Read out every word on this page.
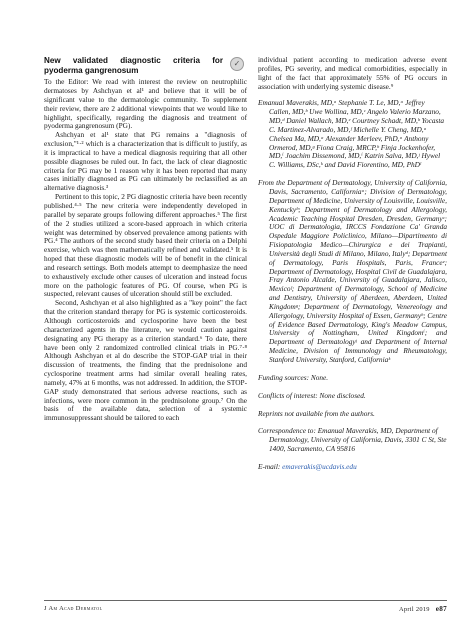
New validated diagnostic criteria for pyoderma gangrenosum
✓

To the Editor: We read with interest the review on neutrophilic dermatoses by Ashchyan et al¹ and believe that it will be of significant value to the dermatologic community. To supplement their review, there are 2 additional viewpoints that we would like to highlight, specifically, regarding the diagnosis and treatment of pyoderma gangrenosum (PG).

Ashchyan et al¹ state that PG remains a "diagnosis of exclusion,"¹·² which is a characterization that is difficult to justify, as it is impractical to have a medical diagnosis requiring that all other possible diagnoses be ruled out. In fact, the lack of clear diagnostic criteria for PG may be 1 reason why it has been reported that many cases initially diagnosed as PG can ultimately be reclassified as an alternative diagnosis.³

Pertinent to this topic, 2 PG diagnostic criteria have been recently published.⁴·⁵ The new criteria were independently developed in parallel by separate groups following different approaches.⁵ The first of the 2 studies utilized a score-based approach in which criteria weight was determined by observed prevalence among patients with PG.⁴ The authors of the second study based their criteria on a Delphi exercise, which was then mathematically refined and validated.⁵ It is hoped that these diagnostic models will be of benefit in the clinical and research settings. Both models attempt to deemphasize the need to exhaustively exclude other causes of ulceration and instead focus more on the pathologic features of PG. Of course, when PG is suspected, relevant causes of ulceration should still be excluded.

Second, Ashchyan et al also highlighted as a "key point" the fact that the criterion standard therapy for PG is systemic corticosteroids. Although corticosteroids and cyclosporine have been the best characterized agents in the literature, we would caution against designating any PG therapy as a criterion standard.⁶ To date, there have been only 2 randomized controlled clinical trials in PG.⁷·⁸ Although Ashchyan et al do describe the STOP-GAP trial in their discussion of treatments, the finding that the prednisolone and cyclosporine treatment arms had similar overall healing rates, namely, 47% at 6 months, was not addressed. In addition, the STOP-GAP study demonstrated that serious adverse reactions, such as infections, were more common in the prednisolone group.⁷ On the basis of the available data, selection of a systemic immunosuppressant should be tailored to each

individual patient according to medication adverse event profiles, PG severity, and medical comorbidities, especially in light of the fact that approximately 55% of PG occurs in association with underlying systemic disease.⁹

Emanual Maverakis, MD,ᵃ Stephanie T. Le, MD,ᵃ Jeffrey Callen, MD,ᵇ Uwe Wollina, MD,ᶜ Angelo Valerio Marzano, MD,ᵈ Daniel Wallach, MD,ᵉ Courtney Schadt, MD,ᵇ Yocasta C. Martinez-Alvarado, MD,ᶠ Michelle Y. Cheng, MD,ᵃ Chelsea Ma, MD,ᵃ Alexander Merleev, PhD,ᵃ Anthony Ormerod, MD,ᵍ Fiona Craig, MRCP,ʰ Finja Jockenhofer, MD,ⁱ Joachim Dissemond, MD,ⁱ Katrin Salva, MD,ʲ Hywel C. Williams, DSc,ᵏ and David Fiorentino, MD, PhDˡ

From the Department of Dermatology, University of California, Davis, Sacramento, Californiaᵃ; Division of Dermatology, Department of Medicine, University of Louisville, Louisville, Kentuckyᵇ; Department of Dermatology and Allergology, Academic Teaching Hospital Dresden, Dresden, Germanyᶜ; UOC di Dermatologia, IRCCS Fondazione Ca' Granda Ospedale Maggiore Policlinico, Milano—Dipartimento di Fisiopatologia Medico—Chirurgica e dei Trapianti, Università degli Studi di Milano, Milano, Italyᵈ; Department of Dermatology, Paris Hospitals, Paris, Franceᵉ; Department of Dermatology, Hospital Civil de Guadalajara, Fray Antonio Alcalde, University of Guadalajara, Jalisco, Mexicoᶠ; Department of Dermatology, School of Medicine and Dentistry, University of Aberdeen, Aberdeen, United Kingdomᵍ; Department of Dermatology, Venereology and Allergology, University Hospital of Essen, Germanyʰ; Centre of Evidence Based Dermatology, King's Meadow Campus, University of Nottingham, United Kingdomⁱ; and Department of Dermatologyʲ and Department of Internal Medicine, Division of Immunology and Rheumatology, Stanford University, Stanford, Californiaᵏ

Funding sources: None.

Conflicts of interest: None disclosed.

Reprints not available from the authors.

Correspondence to: Emanual Maverakis, MD, Department of Dermatology, University of California, Davis, 3301 C St, Ste 1400, Sacramento, CA 95816

E-mail: emaverakis@ucdavis.edu

J Am Acad Dermatol	April 2019 e87
